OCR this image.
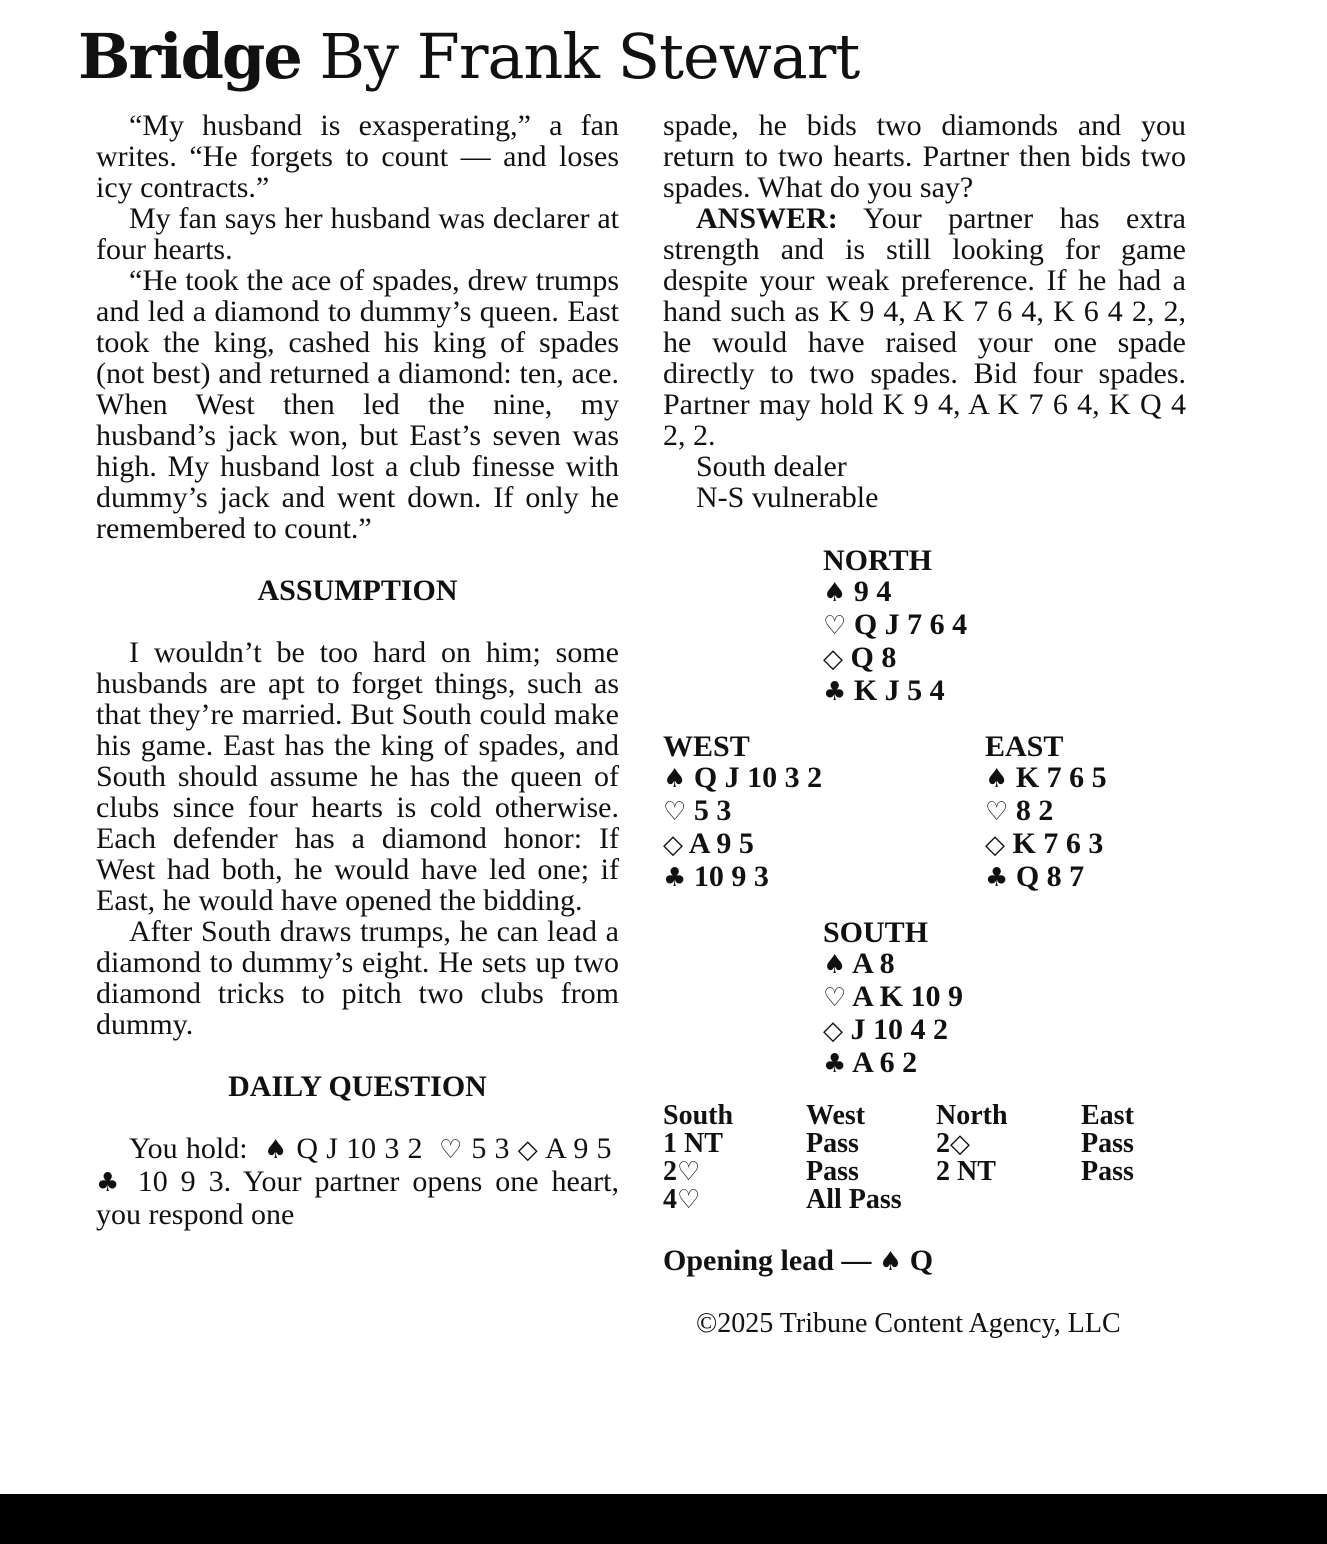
Bridge By Frank Stewart

“My husband is exasperating,” a fan writes. “He forgets to count — and loses icy contracts.”

My fan says her husband was declarer at four hearts.

“He took the ace of spades, drew trumps and led a diamond to dummy’s queen. East took the king, cashed his king of spades (not best) and returned a diamond: ten, ace. When West then led the nine, my husband’s jack won, but East’s seven was high. My husband lost a club finesse with dummy’s jack and went down. If only he remembered to count.”

ASSUMPTION

I wouldn’t be too hard on him; some husbands are apt to forget things, such as that they’re married. But South could make his game. East has the king of spades, and South should assume he has the queen of clubs since four hearts is cold otherwise. Each defender has a diamond honor: If West had both, he would have led one; if East, he would have opened the bidding.

After South draws trumps, he can lead a diamond to dummy’s eight. He sets up two diamond tricks to pitch two clubs from dummy.

DAILY QUESTION

You hold: ♠ Q J 10 3 2 ♡ 5 3 ◇ A 9 5  ♣ 10 9 3. Your partner opens one heart, you respond one

spade, he bids two diamonds and you return to two hearts. Partner then bids two spades. What do you say?

ANSWER: Your partner has extra strength and is still looking for game despite your weak preference. If he had a hand such as K 9 4, A K 7 6 4, K 6 4 2, 2, he would have raised your one spade directly to two spades. Bid four spades. Partner may hold K 9 4, A K 7 6 4, K Q 4 2, 2.

South dealer

N-S vulnerable

NORTH
♠ 9 4
♡ Q J 7 6 4
◇ Q 8
♣ K J 5 4
WEST
♠ Q J 10 3 2
♡ 5 3
◇ A 9 5
♣ 10 9 3
EAST
♠ K 7 6 5
♡ 8 2
◇ K 7 6 3
♣ Q 8 7
SOUTH
♠ A 8
♡ A K 10 9
◇ J 10 4 2
♣ A 6 2
South	West	North	East
1 NT	Pass	2◇	Pass
2♡	Pass	2 NT	Pass
4♡	All Pass
Opening lead — ♠ Q
©2025 Tribune Content Agency, LLC
